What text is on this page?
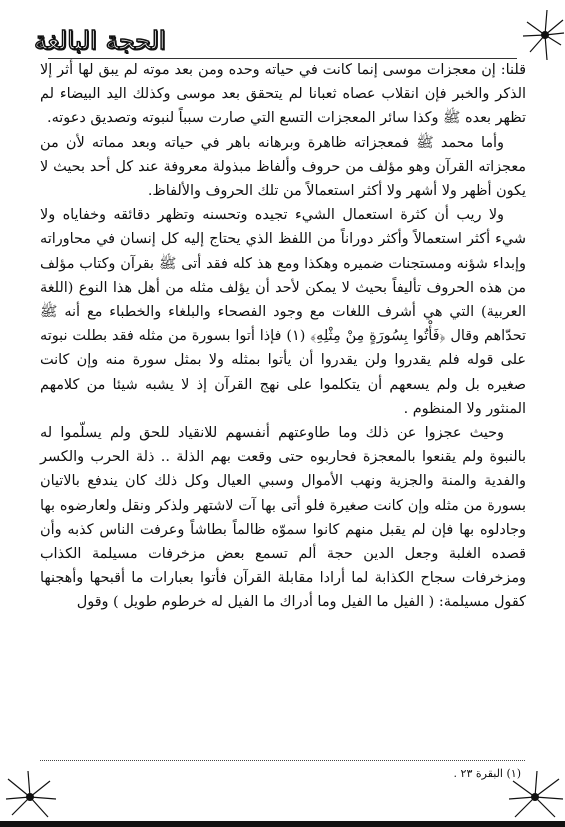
الحجة البالغة

قلنا: إن معجزات موسى إنما كانت في حياته وحده ومن بعد موته لم يبق لها أثر إلا الذكر والخبر فإن انقلاب عصاه ثعبانا لم يتحقق بعد موسى وكذلك اليد البيضاء لم تظهر بعده ﷺ وكذا سائر المعجزات التسع التي صارت سبباً لنبوته وتصديق دعوته.

وأما محمد ﷺ فمعجزاته ظاهرة وبرهانه باهر في حياته وبعد مماته لأن من معجزاته القرآن وهو مؤلف من حروف وألفاظ مبذولة معروفة عند كل أحد بحيث لا يكون أظهر ولا أشهر ولا أكثر استعمالاً من تلك الحروف والألفاظ.

ولا ريب أن كثرة استعمال الشيء تجيده وتحسنه وتظهر دقائقه وخفاياه ولا شيء أكثر استعمالاً وأكثر دوراناً من اللفظ الذي يحتاج إليه كل إنسان في محاوراته وإبداء شؤنه ومستجنات ضميره وهكذا ومع هذ كله فقد أتى ﷺ بقرآن وكتاب مؤلف من هذه الحروف تأليفاً بحيث لا يمكن لأحد أن يؤلف مثله من أهل هذا النوع (اللغة العربية) التي هي أشرف اللغات مع وجود الفصحاء والبلغاء والخطباء مع أنه ﷺ تحدّاهم وقال ﴿فَأْتُوا بِسُورَةٍ مِنْ مِثْلِهِ﴾ (١) فإذا أتوا بسورة من مثله فقد بطلت نبوته على قوله فلم يقدروا ولن يقدروا أن يأتوا بمثله ولا بمثل سورة منه وإن كانت صغيره بل ولم يسعهم أن يتكلموا على نهج القرآن إذ لا يشبه شيئا من كلامهم المنثور ولا المنظوم .

وحيث عجزوا عن ذلك وما طاوعتهم أنفسهم للانقياد للحق ولم يسلّموا له بالنبوة ولم يقنعوا بالمعجزة فحاربوه حتى وقعت بهم الذلة .. ذلة الحرب والكسر والفدية والمنة والجزية ونهب الأموال وسبي العيال وكل ذلك كان يندفع بالاتيان بسورة من مثله وإن كانت صغيرة فلو أتى بها آت لاشتهر ولذكر ونقل ولعارضوه بها وجادلوه بها فإن لم يقبل منهم كانوا سموّه ظالماً بطاشاً وعرفت الناس كذبه وأن قصده الغلبة وجعل الدين حجة ألم تسمع بعض مزخرفات مسيلمة الكذاب ومزخرفات سجاح الكذابة لما أرادا مقابلة القرآن فأتوا بعبارات ما أقبحها وأهجنها كقول مسيلمة: ( الفيل ما الفيل وما أدراك ما الفيل له خرطوم طويل ) وقول

(١) البقرة ٢٣ .
